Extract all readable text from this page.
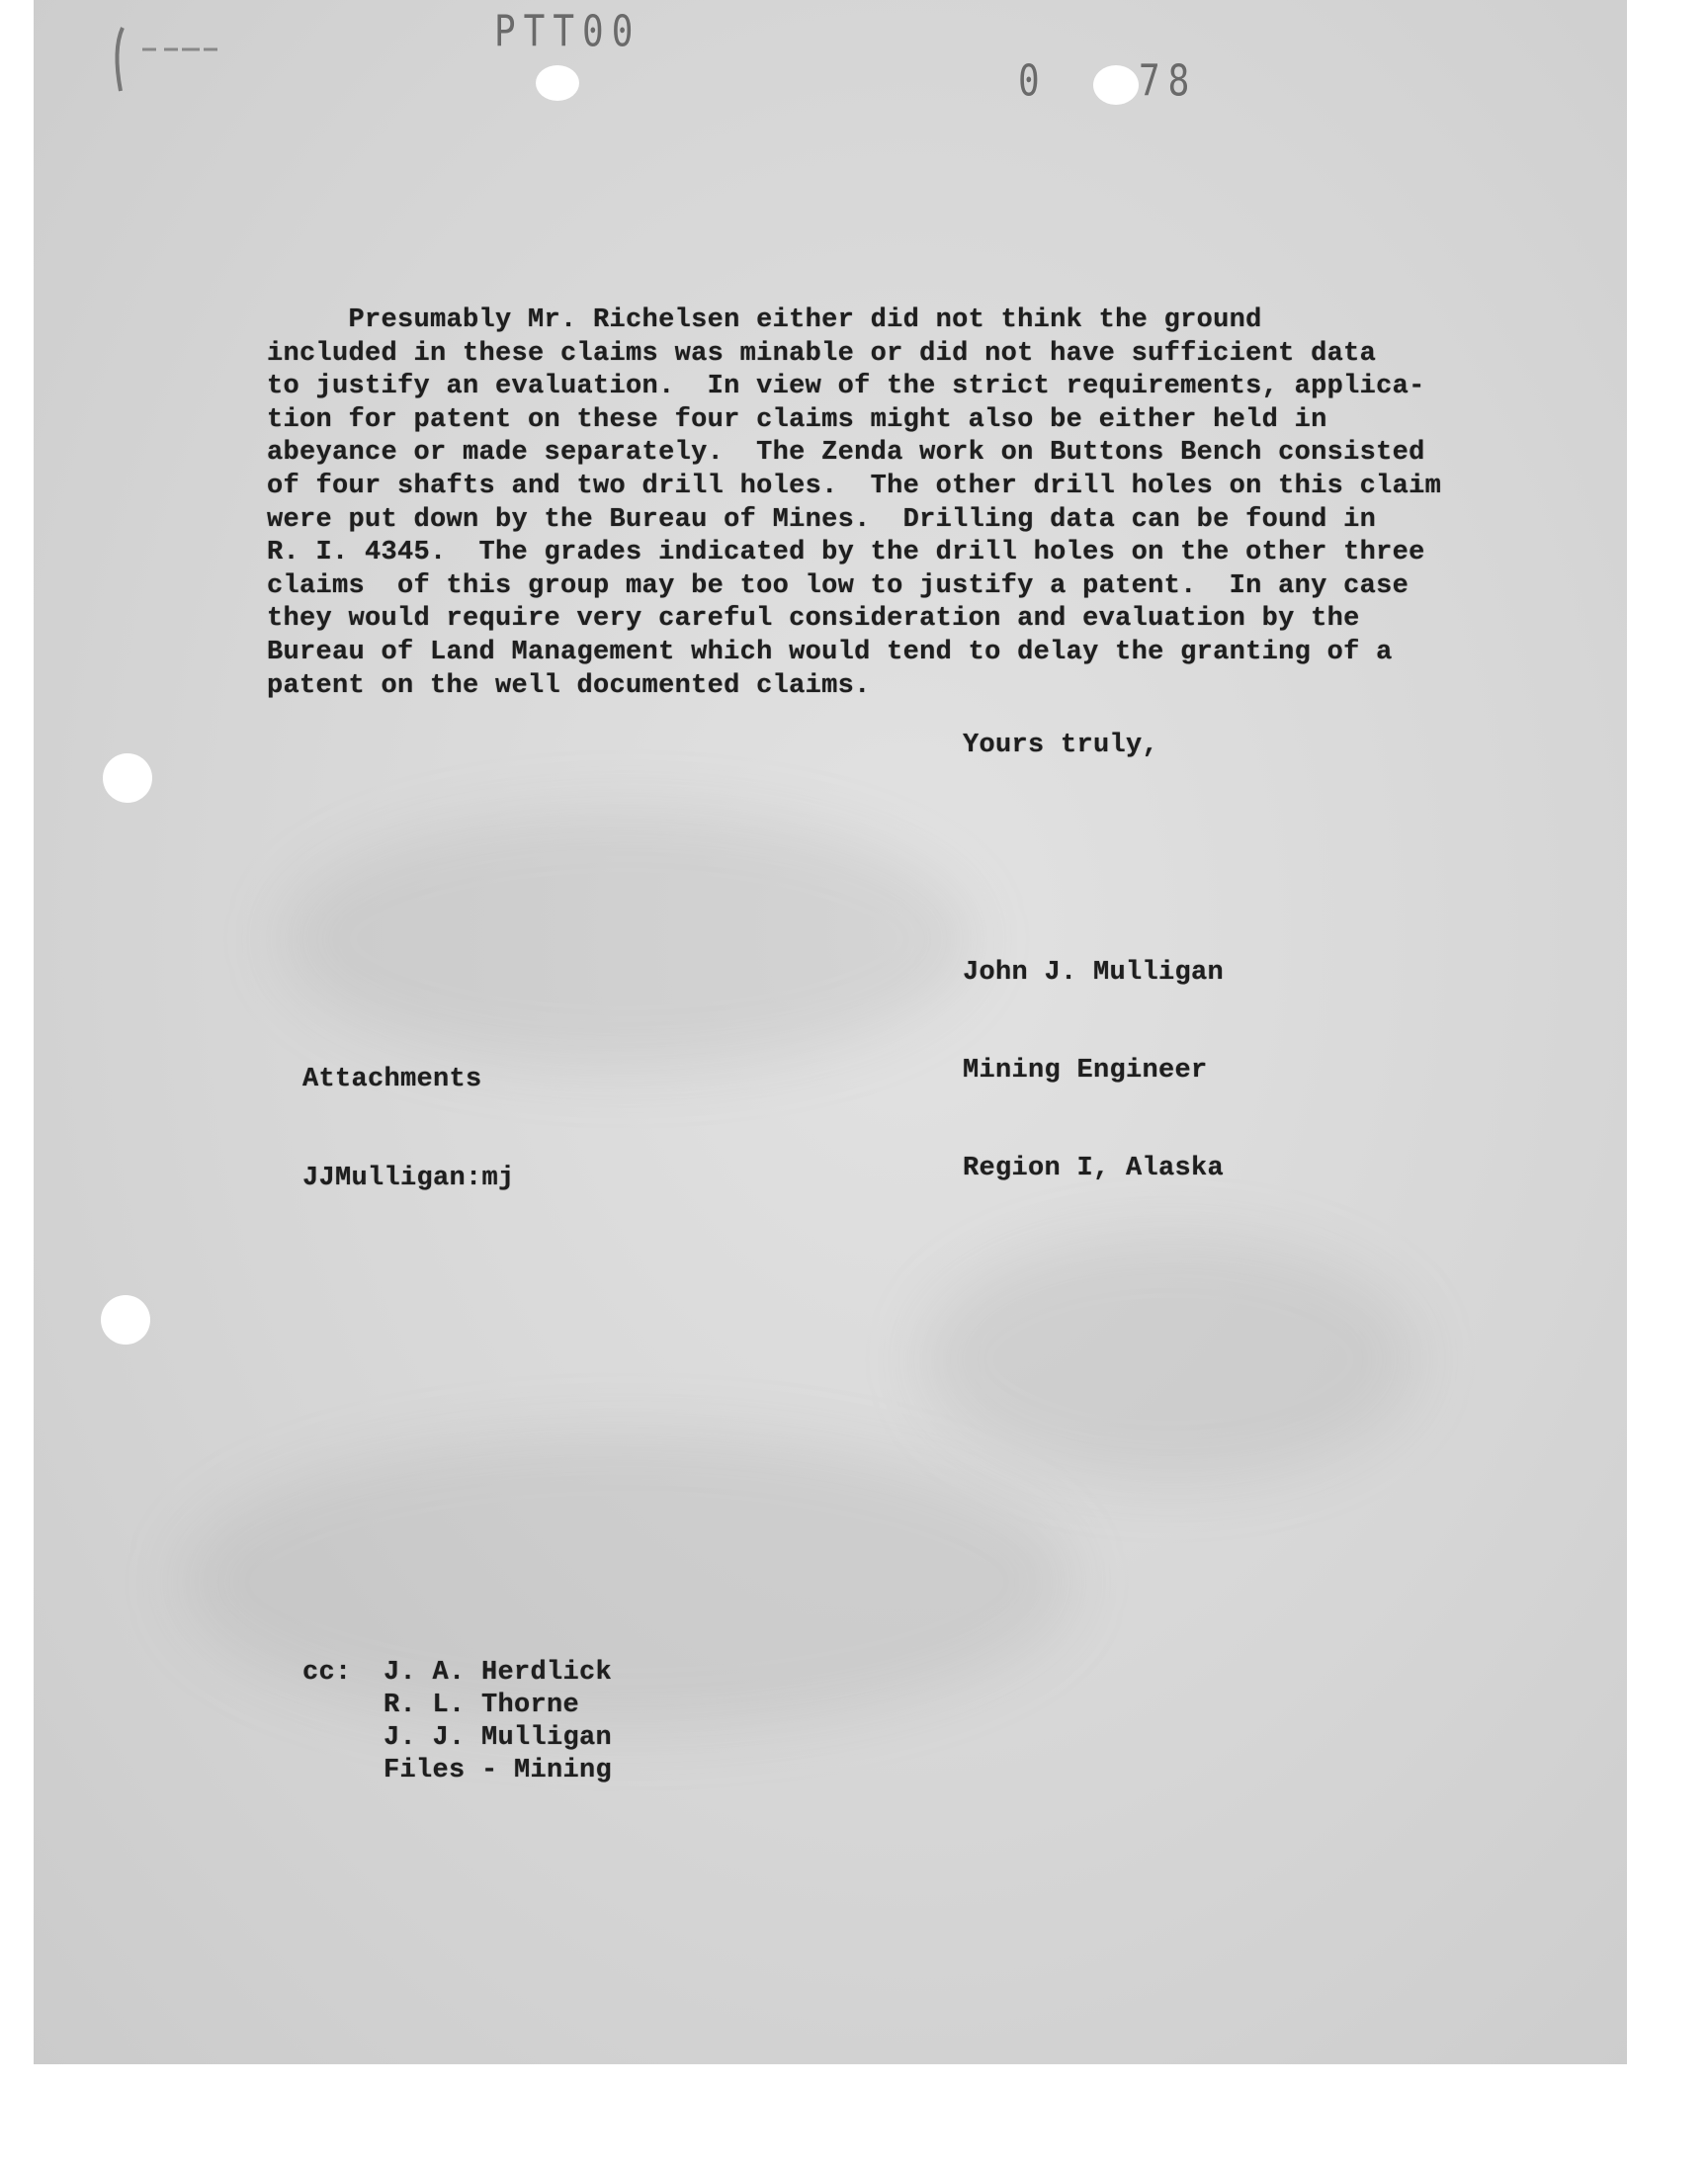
PTT00
0	78
Presumably Mr. Richelsen either did not think the ground
included in these claims was minable or did not have sufficient data
to justify an evaluation.  In view of the strict requirements, applica-
tion for patent on these four claims might also be either held in
abeyance or made separately.  The Zenda work on Buttons Bench consisted
of four shafts and two drill holes.  The other drill holes on this claim
were put down by the Bureau of Mines.  Drilling data can be found in
R. I. 4345.  The grades indicated by the drill holes on the other three
claims  of this group may be too low to justify a patent.  In any case
they would require very careful consideration and evaluation by the
Bureau of Land Management which would tend to delay the granting of a
patent on the well documented claims.
Yours truly,

John J. Mulligan

Mining Engineer

Region I, Alaska

Attachments
JJMulligan:mj
cc: J. A. Herdlick
R. L. Thorne
J. J. Mulligan
Files - Mining
